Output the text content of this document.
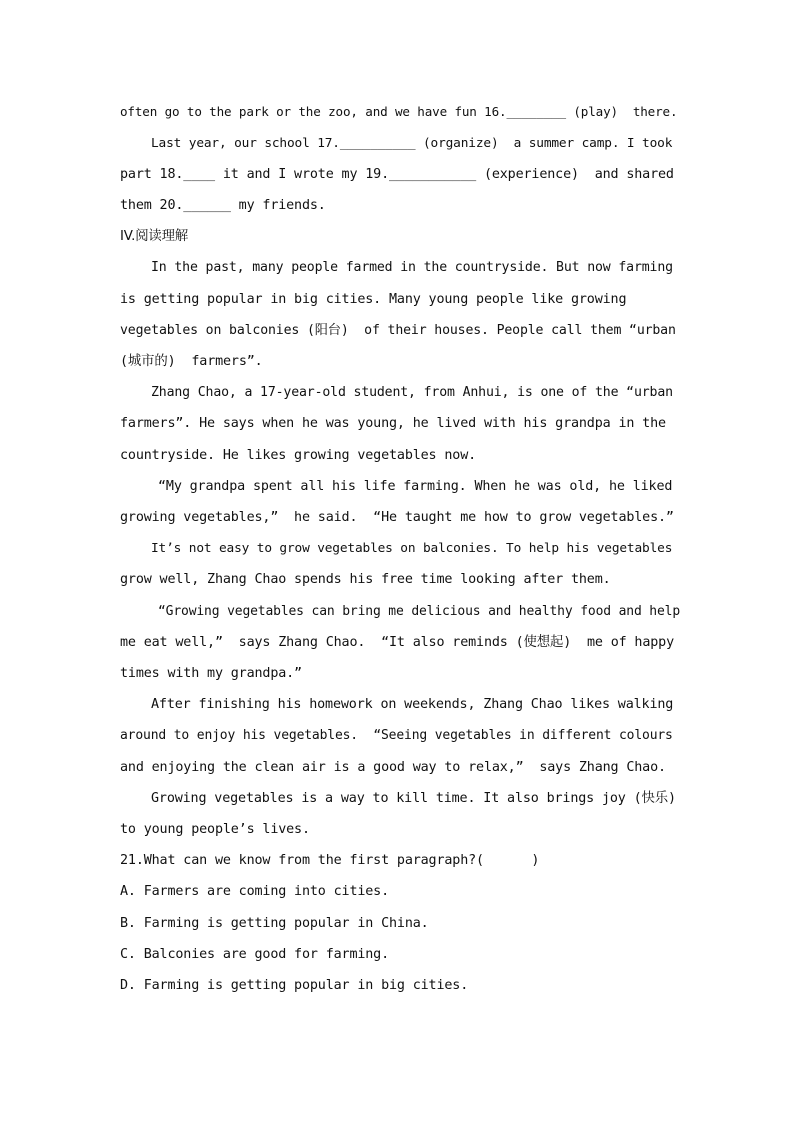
often go to the park or the zoo, and we have fun 16.________ (play)  there.
Last year, our school 17.__________ (organize)  a summer camp. I took
part 18.____ it and I wrote my 19.___________ (experience)  and shared
them 20.______ my friends.
IV.阅读理解
In the past, many people farmed in the countryside. But now farming
is getting popular in big cities. Many young people like growing
vegetables on balconies (阳台)  of their houses. People call them “urban
(城市的)  farmers”.
Zhang Chao, a 17-year-old student, from Anhui, is one of the “urban
farmers”. He says when he was young, he lived with his grandpa in the
countryside. He likes growing vegetables now.
“My grandpa spent all his life farming. When he was old, he liked
growing vegetables,”  he said.  “He taught me how to grow vegetables.”
It’s not easy to grow vegetables on balconies. To help his vegetables
grow well, Zhang Chao spends his free time looking after them.
“Growing vegetables can bring me delicious and healthy food and help
me eat well,”  says Zhang Chao.  “It also reminds (使想起)  me of happy
times with my grandpa.”
After finishing his homework on weekends, Zhang Chao likes walking
around to enjoy his vegetables.  “Seeing vegetables in different colours
and enjoying the clean air is a good way to relax,”  says Zhang Chao.
Growing vegetables is a way to kill time. It also brings joy (快乐)
to young people’s lives.
21.What can we know from the first paragraph?(      )
A. Farmers are coming into cities.
B. Farming is getting popular in China.
C. Balconies are good for farming.
D. Farming is getting popular in big cities.
